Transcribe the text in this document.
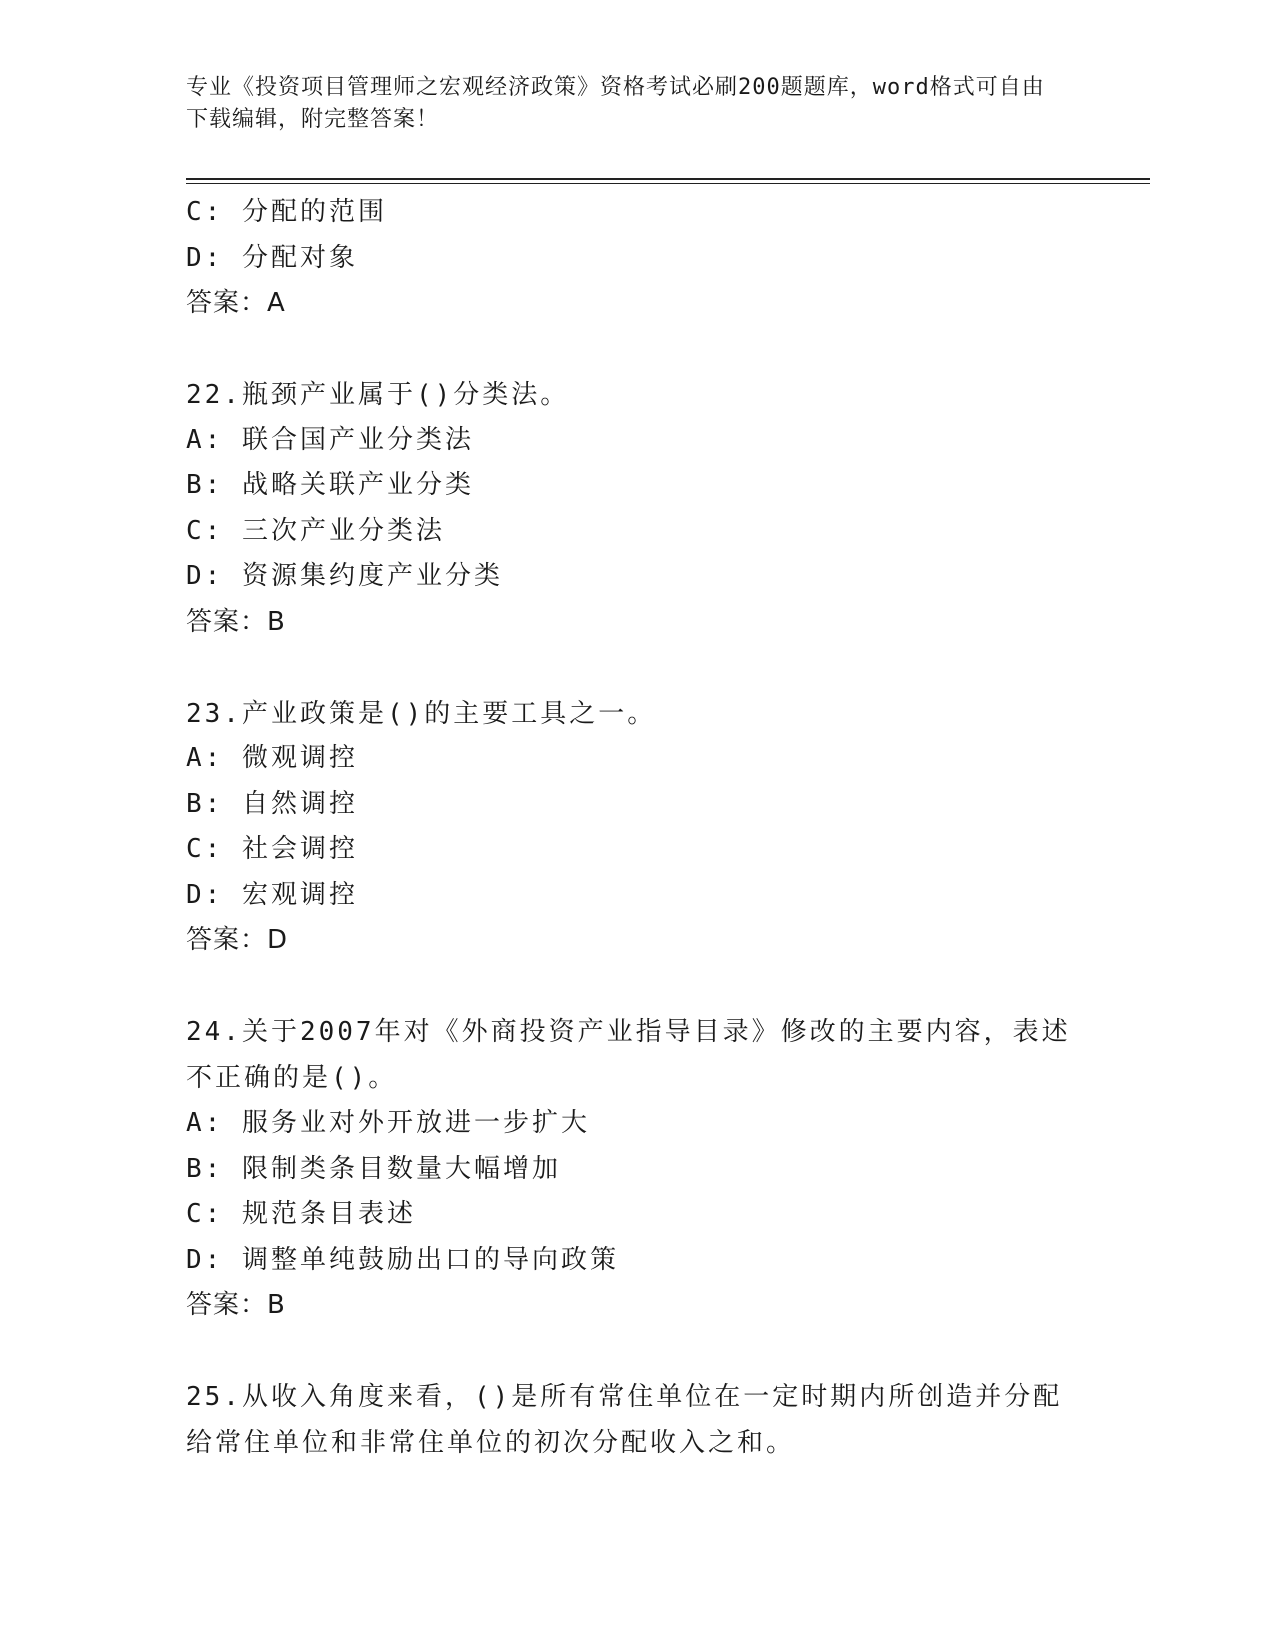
专业《投资项目管理师之宏观经济政策》资格考试必刷200题题库，word格式可自由下载编辑，附完整答案！
C: 分配的范围
D: 分配对象
答案：A
22.瓶颈产业属于()分类法。
A: 联合国产业分类法
B: 战略关联产业分类
C: 三次产业分类法
D: 资源集约度产业分类
答案：B
23.产业政策是()的主要工具之一。
A: 微观调控
B: 自然调控
C: 社会调控
D: 宏观调控
答案：D
24.关于2007年对《外商投资产业指导目录》修改的主要内容，表述不正确的是()。
A: 服务业对外开放进一步扩大
B: 限制类条目数量大幅增加
C: 规范条目表述
D: 调整单纯鼓励出口的导向政策
答案：B
25.从收入角度来看，()是所有常住单位在一定时期内所创造并分配给常住单位和非常住单位的初次分配收入之和。
